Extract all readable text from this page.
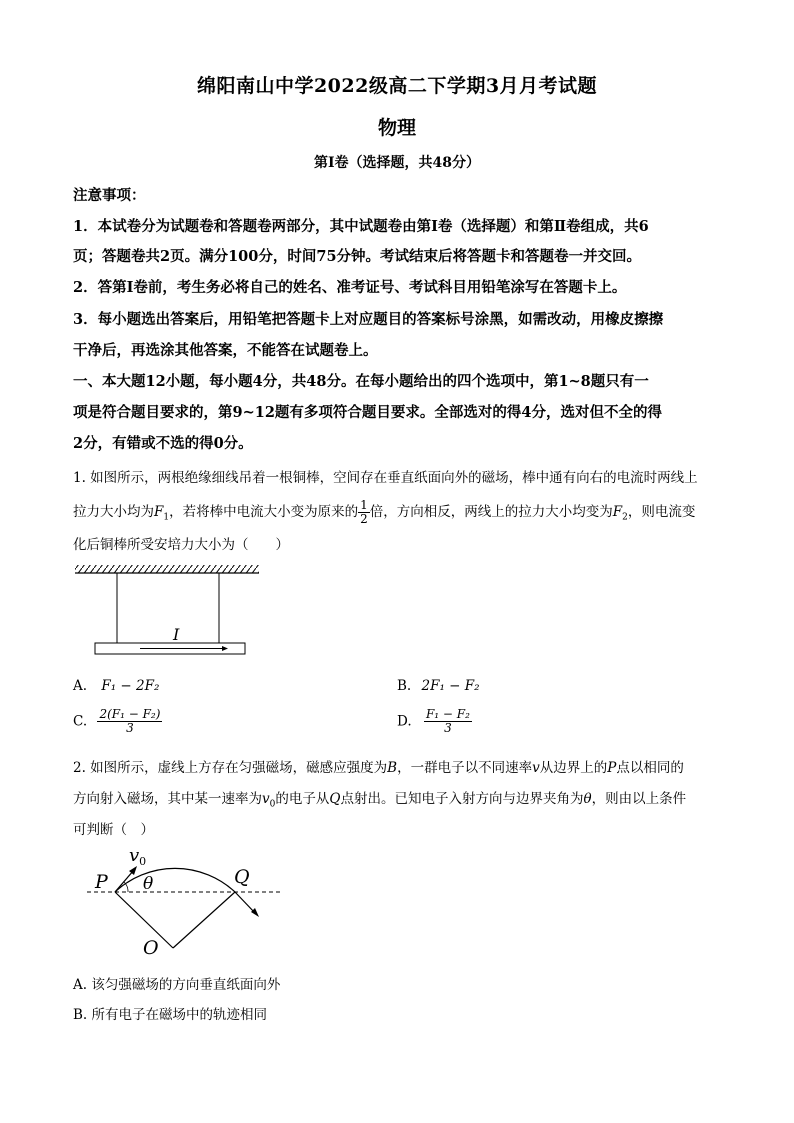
绵阳南山中学2022级高二下学期3月月考试题
物理
第I卷（选择题，共48分）
注意事项：
1．本试卷分为试题卷和答题卷两部分，其中试题卷由第I卷（选择题）和第Ⅱ卷组成，共6
页；答题卷共2页。满分100分，时间75分钟。考试结束后将答题卡和答题卷一并交回。
2．答第I卷前，考生务必将自己的姓名、准考证号、考试科目用铅笔涂写在答题卡上。
3．每小题选出答案后，用铅笔把答题卡上对应题目的答案标号涂黑，如需改动，用橡皮擦擦
干净后，再选涂其他答案，不能答在试题卷上。
一、本大题12小题，每小题4分，共48分。在每小题给出的四个选项中，第1~8题只有一
项是符合题目要求的，第9~12题有多项符合题目要求。全部选对的得4分，选对但不全的得
2分，有错或不选的得0分。
1. 如图所示，两根绝缘细线吊着一根铜棒，空间存在垂直纸面向外的磁场，棒中通有向右的电流时两线上
拉力大小均为$F_1$，若将棒中电流大小变为原来的 $\frac{1}{2}$ 倍，方向相反，两线上的拉力大小均变为$F_2$，则电流变
化后铜棒所受安培力大小为（　　）
I
A. F₁ − 2F₂	B. 2F₁ − F₂
C. $\frac{\text{2(F₁ − F₂)}}{3}$	D. $\frac{\text{F₁ − F₂}}{3}$
2. 如图所示，虚线上方存在匀强磁场，磁感应强度为B，一群电子以不同速率v从边界上的P点以相同的
方向射入磁场，其中某一速率为$v_0$的电子从Q点射出。已知电子入射方向与边界夹角为θ，则由以上条件
可判断（　）
P	Q
O
θ
$v_0$
A. 该匀强磁场的方向垂直纸面向外
B. 所有电子在磁场中的轨迹相同
